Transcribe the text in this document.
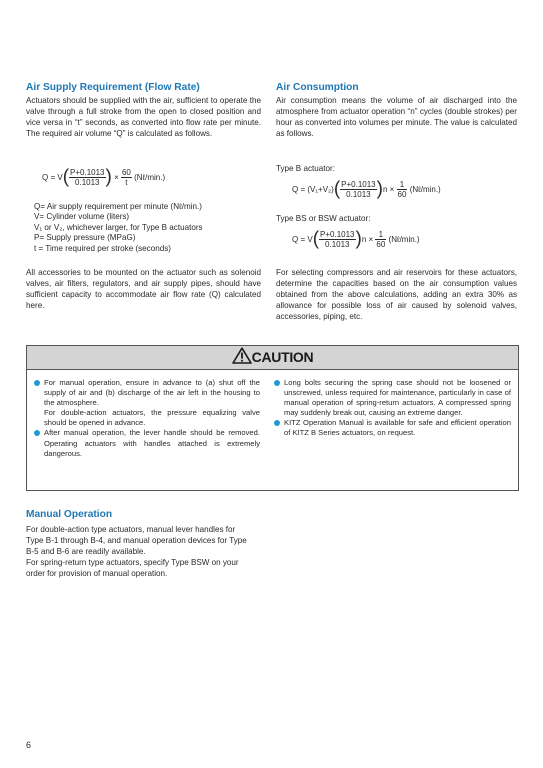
Air Supply Requirement (Flow Rate)
Actuators should be supplied with the air, sufficient to operate the valve through a full stroke from the open to closed position and vice versa in “t” seconds, as converted into flow rate per minute. The required air volume “Q” is calculated as follows.
$Q = V( \frac{P+0.1013}{0.1013}$ ) × $\frac{60}{t}$ (Nℓ/min.)
Q= Air supply requirement per minute (Nℓ/min.)
V= Cylinder volume (liters)
V₁ or V₂, whichever larger, for Type B actuators
P= Supply pressure (MPaG)
t = Time required per stroke (seconds)
All accessories to be mounted on the actuator such as solenoid valves, air filters, regulators, and air supply pipes, should have sufficient capacity to accommodate air flow rate (Q) calculated here.
Air Consumption
Air consumption means the volume of air discharged into the atmosphere from actuator operation “n” cycles (double strokes) per hour as converted into volumes per minute. The value is calculated as follows.
Type B actuator:
$Q = (V_1+V_2)( \frac{P+0.1013}{0.1013} )n \times \frac{1}{60}$ (Nℓ/min.)
Type BS or BSW actuator:
$Q = V( \frac{P+0.1013}{0.1013} )n \times \frac{1}{60}$ (Nℓ/min.)
For selecting compressors and air reservoirs for these actuators, determine the capacities based on the air consumption values obtained from the above calculations, adding an extra 30% as allowance for possible loss of air caused by solenoid valves, accessories, piping, etc.
CAUTION
For manual operation, ensure in advance to (a) shut off the supply of air and (b) discharge of the air left in the housing to the atmosphere.
For double-action actuators, the pressure equalizing valve should be opened in advance.
After manual operation, the lever handle should be removed. Operating actuators with handles attached is extremely dangerous.
Long bolts securing the spring case should not be loosened or unscrewed, unless required for maintenance, particularly in case of manual operation of spring-return actuators. A compressed spring may suddenly break out, causing an extreme danger.
KITZ Operation Manual is available for safe and efficient operation of KITZ B Series actuators, on request.
Manual Operation
For double-action type actuators, manual lever handles for Type B-1 through B-4, and manual operation devices for Type B-5 and B-6 are readily available.
For spring-return type actuators, specify Type BSW on your order for provision of manual operation.
6
